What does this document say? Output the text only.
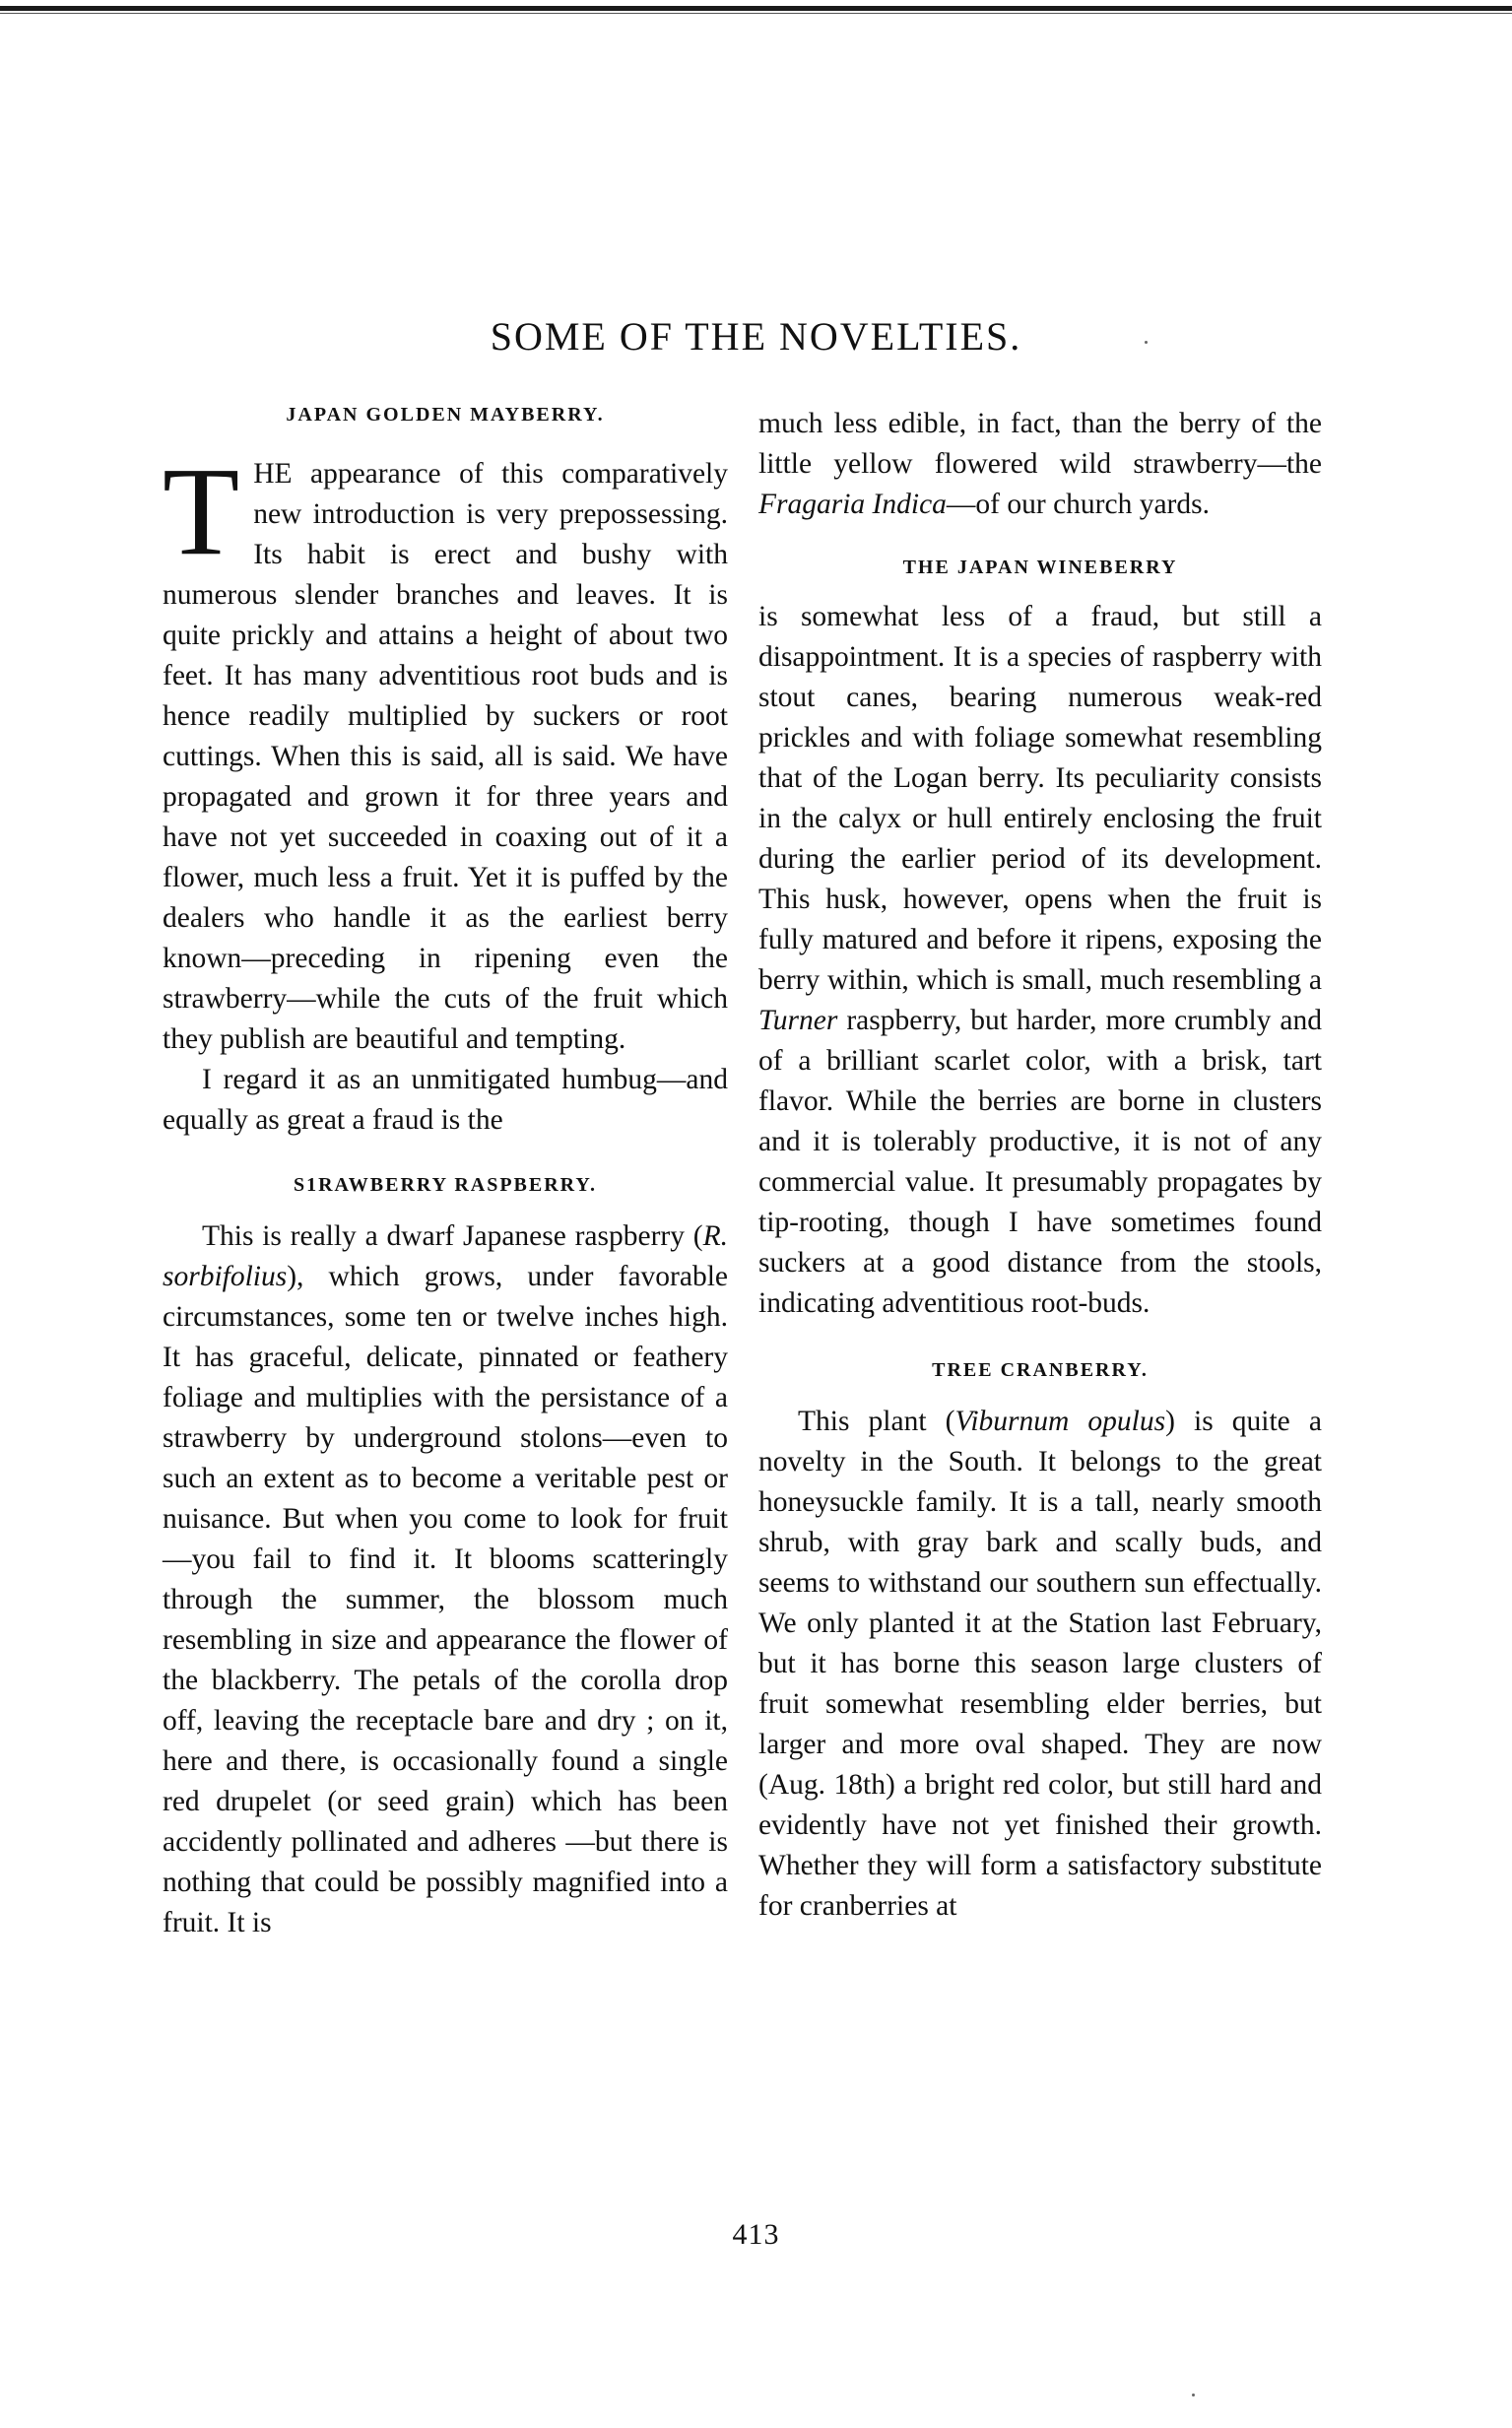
SOME OF THE NOVELTIES.
JAPAN GOLDEN MAYBERRY.

THE appearance of this comparatively new introduction is very prepossessing. Its habit is erect and bushy with numerous slender branches and leaves. It is quite prickly and attains a height of about two feet. It has many adventitious root buds and is hence readily multiplied by suckers or root cuttings. When this is said, all is said. We have propagated and grown it for three years and have not yet succeeded in coaxing out of it a flower, much less a fruit. Yet it is puffed by the dealers who handle it as the earliest berry known—preceding in ripening even the strawberry—while the cuts of the fruit which they publish are beautiful and tempting.

I regard it as an unmitigated humbug—and equally as great a fraud is the

S1RAWBERRY RASPBERRY.

This is really a dwarf Japanese raspberry (R. sorbifolius), which grows, under favorable circumstances, some ten or twelve inches high. It has graceful, delicate, pinnated or feathery foliage and multiplies with the persistance of a strawberry by underground stolons—even to such an extent as to become a veritable pest or nuisance. But when you come to look for fruit—you fail to find it. It blooms scatteringly through the summer, the blossom much resembling in size and appearance the flower of the blackberry. The petals of the corolla drop off, leaving the receptacle bare and dry ; on it, here and there, is occasionally found a single red drupelet (or seed grain) which has been accidently pollinated and adheres —but there is nothing that could be possibly magnified into a fruit. It is

much less edible, in fact, than the berry of the little yellow flowered wild strawberry—the Fragaria Indica—of our church yards.

THE JAPAN WINEBERRY

is somewhat less of a fraud, but still a disappointment. It is a species of raspberry with stout canes, bearing numerous weak-red prickles and with foliage somewhat resembling that of the Logan berry. Its peculiarity consists in the calyx or hull entirely enclosing the fruit during the earlier period of its development. This husk, however, opens when the fruit is fully matured and before it ripens, exposing the berry within, which is small, much resembling a Turner raspberry, but harder, more crumbly and of a brilliant scarlet color, with a brisk, tart flavor. While the berries are borne in clusters and it is tolerably productive, it is not of any commercial value. It presumably propagates by tip-rooting, though I have sometimes found suckers at a good distance from the stools, indicating adventitious root-buds.

TREE CRANBERRY.

This plant (Viburnum opulus) is quite a novelty in the South. It belongs to the great honeysuckle family. It is a tall, nearly smooth shrub, with gray bark and scally buds, and seems to withstand our southern sun effectually. We only planted it at the Station last February, but it has borne this season large clusters of fruit somewhat resembling elder berries, but larger and more oval shaped. They are now (Aug. 18th) a bright red color, but still hard and evidently have not yet finished their growth. Whether they will form a satisfactory substitute for cranberries at

413
